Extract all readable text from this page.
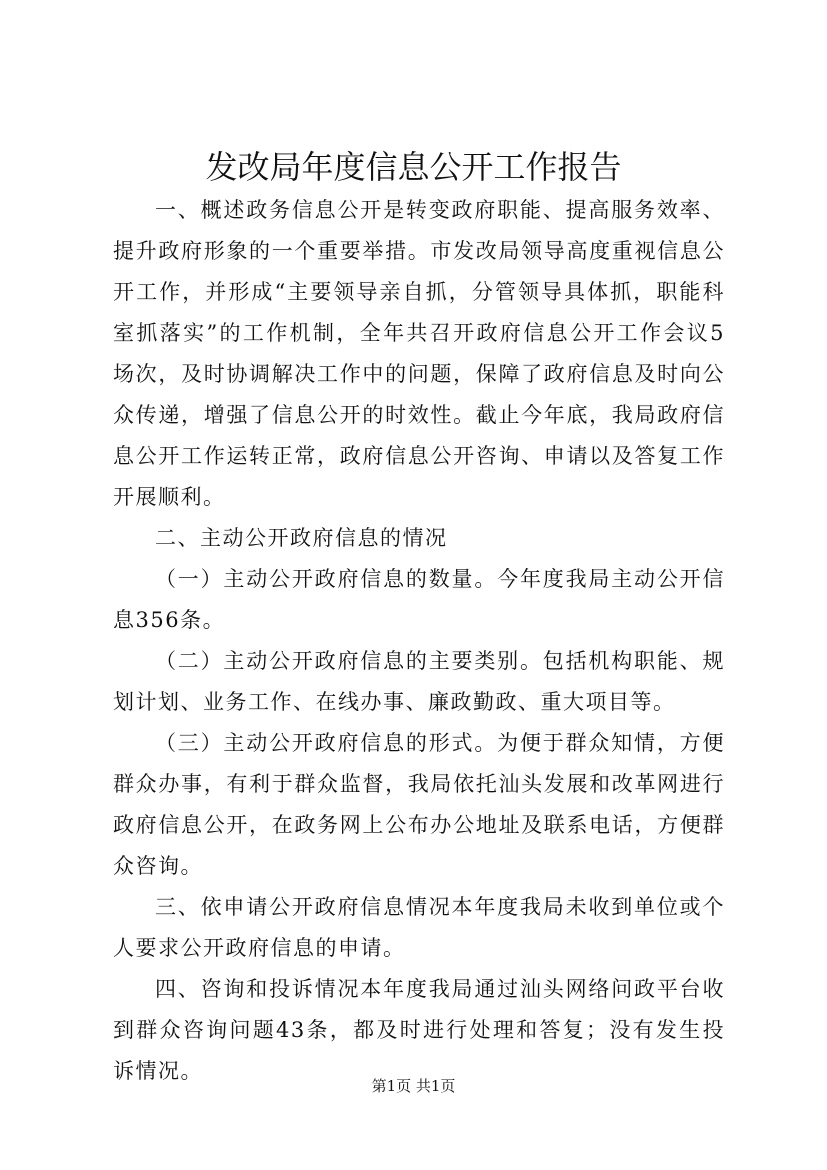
发改局年度信息公开工作报告

一、概述政务信息公开是转变政府职能、提高服务效率、提升政府形象的一个重要举措。市发改局领导高度重视信息公开工作，并形成“主要领导亲自抓，分管领导具体抓，职能科室抓落实”的工作机制，全年共召开政府信息公开工作会议5场次，及时协调解决工作中的问题，保障了政府信息及时向公众传递，增强了信息公开的时效性。截止今年底，我局政府信息公开工作运转正常，政府信息公开咨询、申请以及答复工作开展顺利。

二、主动公开政府信息的情况

（一）主动公开政府信息的数量。今年度我局主动公开信息356条。

（二）主动公开政府信息的主要类别。包括机构职能、规划计划、业务工作、在线办事、廉政勤政、重大项目等。

（三）主动公开政府信息的形式。为便于群众知情，方便群众办事，有利于群众监督，我局依托汕头发展和改革网进行政府信息公开，在政务网上公布办公地址及联系电话，方便群众咨询。

三、依申请公开政府信息情况本年度我局未收到单位或个人要求公开政府信息的申请。

四、咨询和投诉情况本年度我局通过汕头网络问政平台收到群众咨询问题43条，都及时进行处理和答复；没有发生投诉情况。

第1页 共1页
